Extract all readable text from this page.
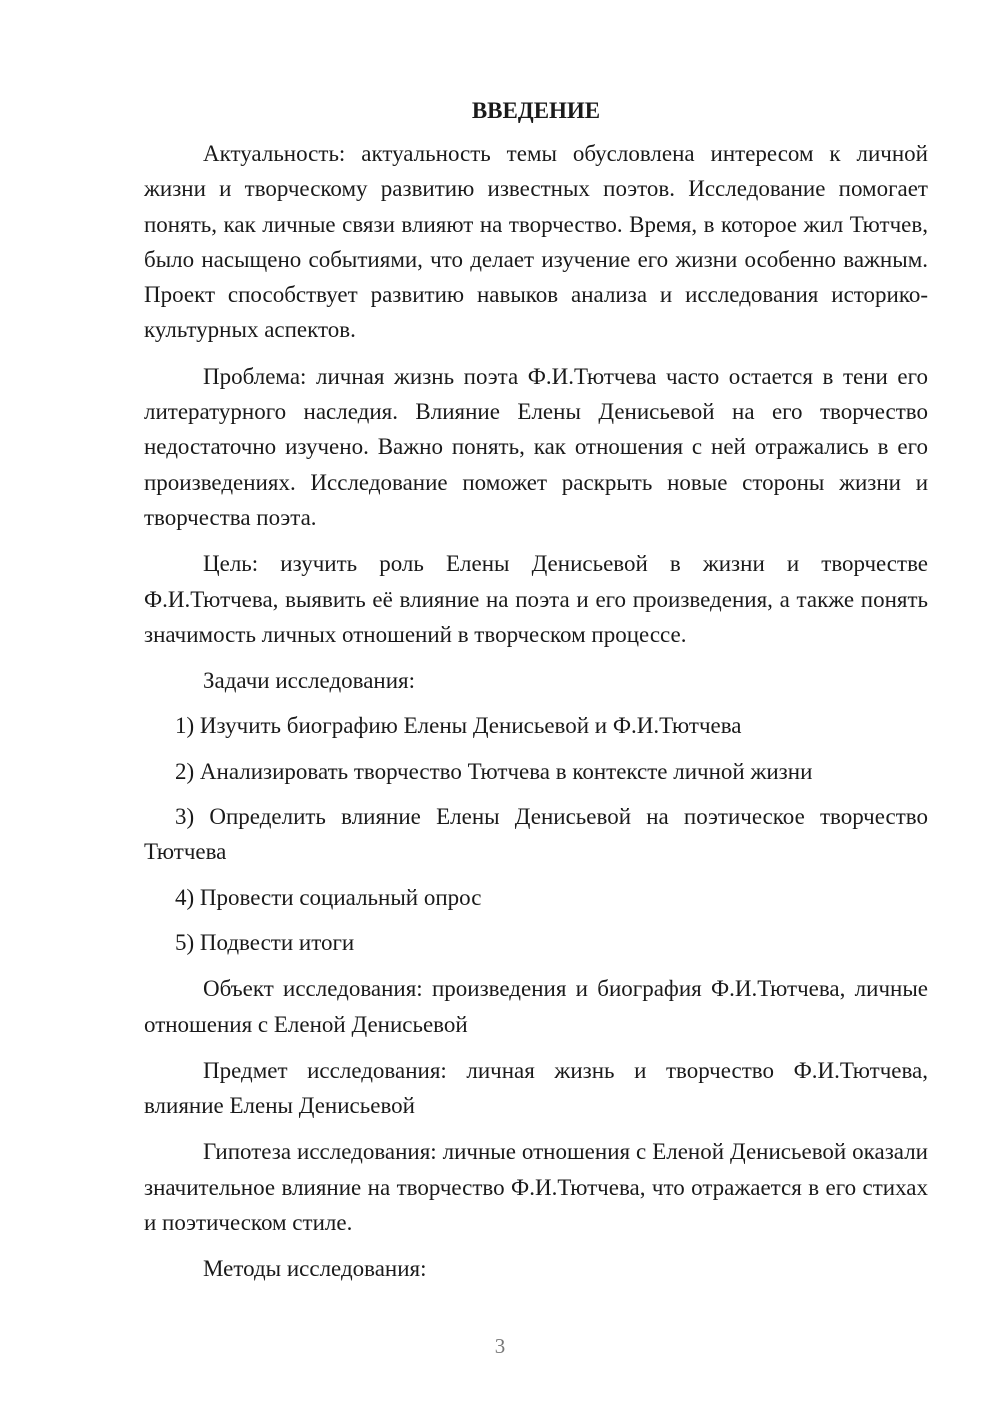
ВВЕДЕНИЕ

Актуальность: актуальность темы обусловлена интересом к личной жизни и творческому развитию известных поэтов. Исследование помогает понять, как личные связи влияют на творчество. Время, в которое жил Тютчев, было насыщено событиями, что делает изучение его жизни особенно важным. Проект способствует развитию навыков анализа и исследования историко-культурных аспектов.

Проблема: личная жизнь поэта Ф.И.Тютчева часто остается в тени его литературного наследия. Влияние Елены Денисьевой на его творчество недостаточно изучено. Важно понять, как отношения с ней отражались в его произведениях. Исследование поможет раскрыть новые стороны жизни и творчества поэта.

Цель: изучить роль Елены Денисьевой в жизни и творчестве Ф.И.Тютчева, выявить её влияние на поэта и его произведения, а также понять значимость личных отношений в творческом процессе.

Задачи исследования:

1) Изучить биографию Елены Денисьевой и Ф.И.Тютчева

2) Анализировать творчество Тютчева в контексте личной жизни

3) Определить влияние Елены Денисьевой на поэтическое творчество Тютчева

4) Провести социальный опрос

5) Подвести итоги

Объект исследования: произведения и биография Ф.И.Тютчева, личные отношения с Еленой Денисьевой

Предмет исследования: личная жизнь и творчество Ф.И.Тютчева, влияние Елены Денисьевой

Гипотеза исследования: личные отношения с Еленой Денисьевой оказали значительное влияние на творчество Ф.И.Тютчева, что отражается в его стихах и поэтическом стиле.

Методы исследования:

3
